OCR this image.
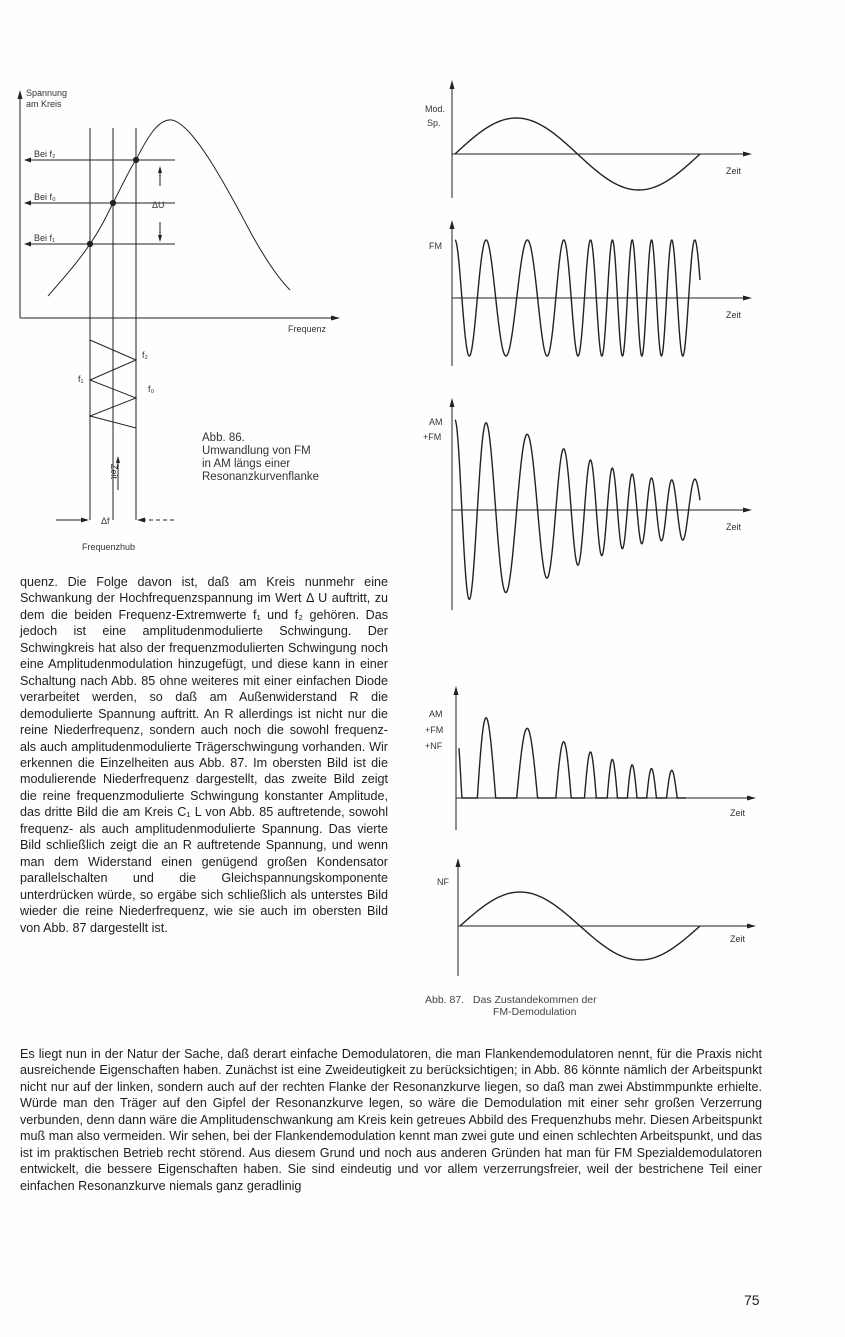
Spannung
am Kreis
Bei f₂
Bei f₀
Bei f₁
ΔU
Frequenz
f₂
f₁
f₀
Zeit
Δf
Frequenzhub
Mod.
Sp.
Zeit
FM
Zeit
AM
+FM
Zeit
AM
+FM
+NF
Zeit
NF
Zeit
Abb. 86.
Umwandlung von FM
in AM längs einer
Resonanzkurvenflanke
Abb. 87. Das Zustandekommen der
FM-Demodulation

quenz. Die Folge davon ist, daß am Kreis nunmehr eine Schwankung der Hochfrequenzspannung im Wert Δ U auftritt, zu dem die beiden Frequenz-Extremwerte f₁ und f₂ gehören. Das jedoch ist eine amplitudenmodulierte Schwingung. Der Schwingkreis hat also der frequenzmodulierten Schwingung noch eine Amplitudenmodulation hinzugefügt, und diese kann in einer Schaltung nach Abb. 85 ohne weiteres mit einer einfachen Diode verarbeitet werden, so daß am Außenwiderstand R die demodulierte Spannung auftritt. An R allerdings ist nicht nur die reine Niederfrequenz, sondern auch noch die sowohl frequenz- als auch amplitudenmodulierte Trägerschwingung vorhanden. Wir erkennen die Einzelheiten aus Abb. 87. Im obersten Bild ist die modulierende Niederfrequenz dargestellt, das zweite Bild zeigt die reine frequenzmodulierte Schwingung konstanter Amplitude, das dritte Bild die am Kreis C₁ L von Abb. 85 auftretende, sowohl frequenz- als auch amplitudenmodulierte Spannung. Das vierte Bild schließlich zeigt die an R auftretende Spannung, und wenn man dem Widerstand einen genügend großen Kondensator parallelschalten und die Gleichspannungskomponente unterdrücken würde, so ergäbe sich schließlich als unterstes Bild wieder die reine Niederfrequenz, wie sie auch im obersten Bild von Abb. 87 dargestellt ist.

Es liegt nun in der Natur der Sache, daß derart einfache Demodulatoren, die man Flankendemodulatoren nennt, für die Praxis nicht ausreichende Eigenschaften haben. Zunächst ist eine Zweideutigkeit zu berücksichtigen; in Abb. 86 könnte nämlich der Arbeitspunkt nicht nur auf der linken, sondern auch auf der rechten Flanke der Resonanzkurve liegen, so daß man zwei Abstimmpunkte erhielte. Würde man den Träger auf den Gipfel der Resonanzkurve legen, so wäre die Demodulation mit einer sehr großen Verzerrung verbunden, denn dann wäre die Amplitudenschwankung am Kreis kein getreues Abbild des Frequenzhubs mehr. Diesen Arbeitspunkt muß man also vermeiden. Wir sehen, bei der Flankendemodulation kennt man zwei gute und einen schlechten Arbeitspunkt, und das ist im praktischen Betrieb recht störend. Aus diesem Grund und noch aus anderen Gründen hat man für FM Spezialdemodulatoren entwickelt, die bessere Eigenschaften haben. Sie sind eindeutig und vor allem verzerrungsfreier, weil der bestrichene Teil einer einfachen Resonanzkurve niemals ganz geradlinig

75
